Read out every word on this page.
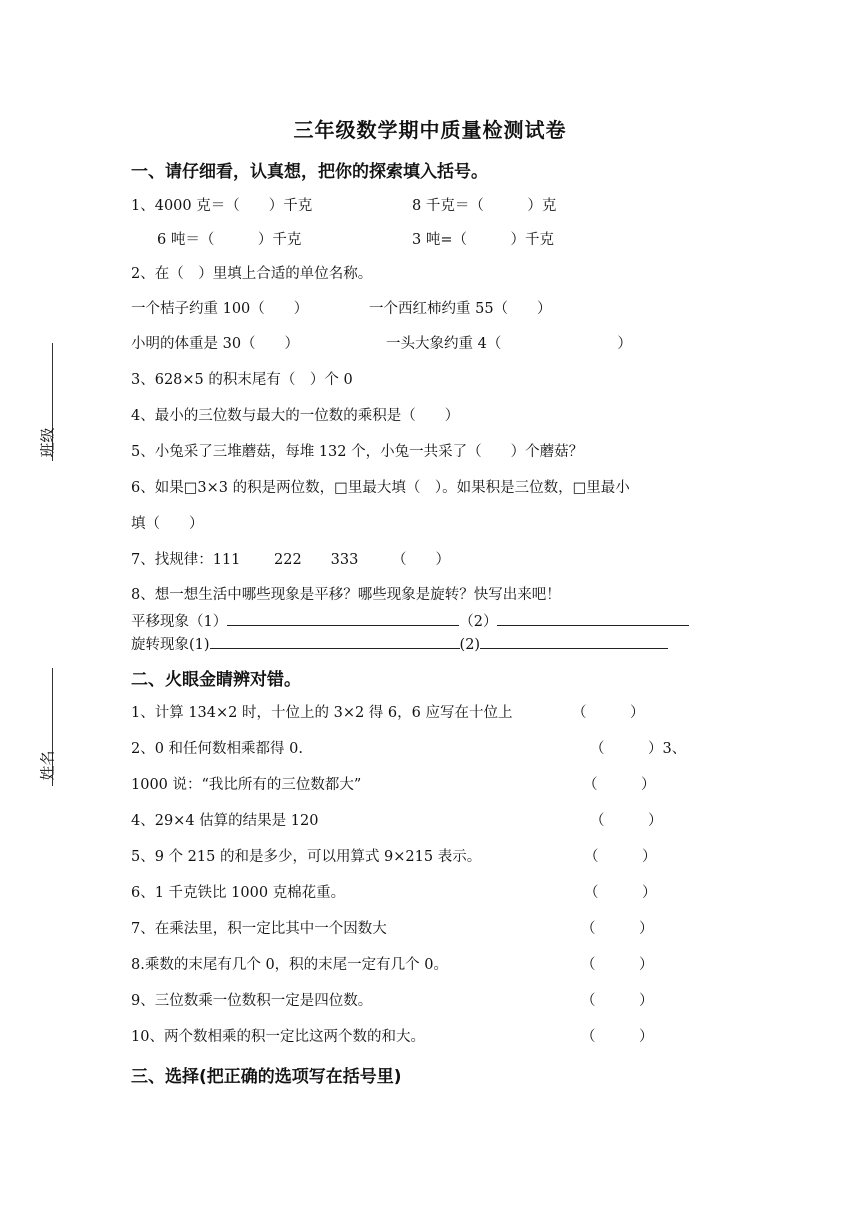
三年级数学期中质量检测试卷
班级
姓名
一、请仔细看，认真想，把你的探索填入括号。
1、4000 克＝（　　）千克	8 千克＝（　　　）克
6 吨＝（　　　）千克	3 吨=（　　　）千克
2、在（　）里填上合适的单位名称。
一个桔子约重 100（　　）	一个西红柿约重 55（　　）
小明的体重是 30（　　）	一头大象约重 4（　　　　　　　　）
3、628×5 的积末尾有（　）个 0
4、最小的三位数与最大的一位数的乘积是（　　）
5、小兔采了三堆蘑菇，每堆 132 个，小兔一共采了（　　）个蘑菇？
6、如果□3×3 的积是两位数，□里最大填（　）。如果积是三位数，□里最小
填（　　）
7、找规律：111　　 222　　333　　 （　　）
8、想一想生活中哪些现象是平移？哪些现象是旋转？快写出来吧！
平移现象（1）	（2）
旋转现象(1)	(2)
二、火眼金睛辨对错。
1、计算 134×2 时，十位上的 3×2 得 6，6 应写在十位上	（　　　）
2、0 和任何数相乘都得 0.	（　　　）3、
1000 说：“我比所有的三位数都大”	（　　　）
4、29×4 估算的结果是 120	（　　　）
5、9 个 215 的和是多少，可以用算式 9×215 表示。	（　　　）
6、1 千克铁比 1000 克棉花重。	（　　　）
7、在乘法里，积一定比其中一个因数大	（　　　）
8.乘数的末尾有几个 0，积的末尾一定有几个 0。	（　　　）
9、三位数乘一位数积一定是四位数。	（　　　）
10、两个数相乘的积一定比这两个数的和大。	（　　　）
三、选择(把正确的选项写在括号里)
